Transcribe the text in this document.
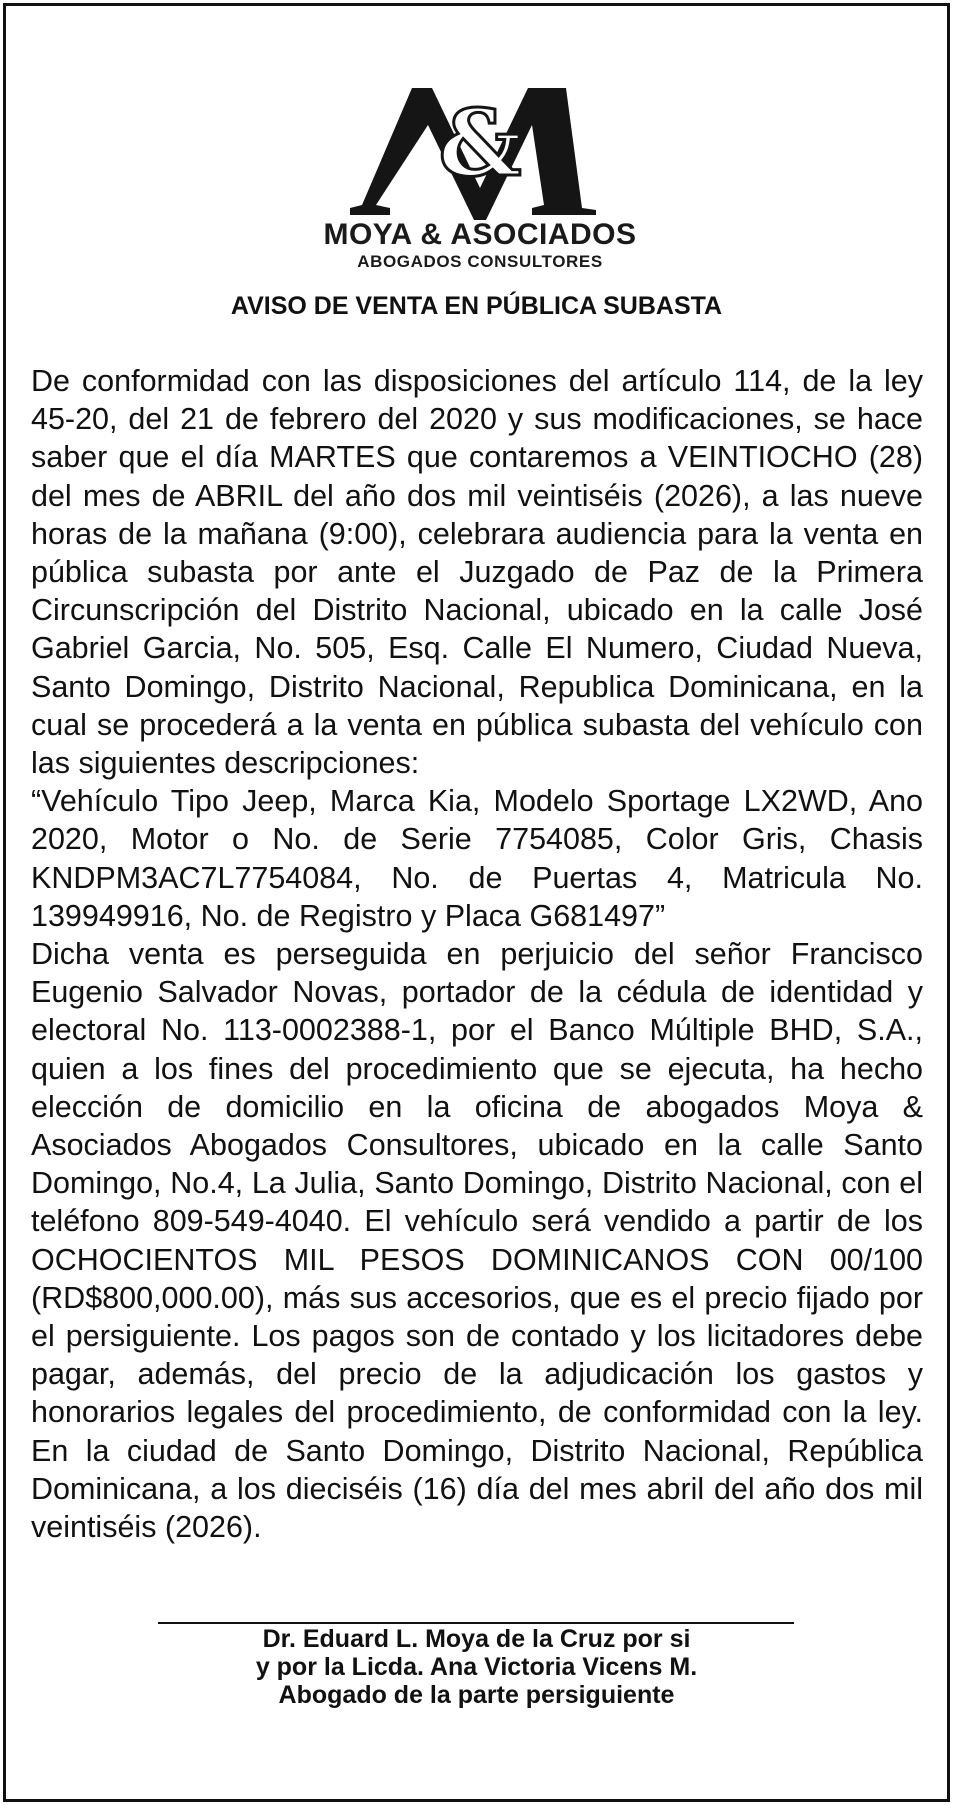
&
MOYA & ASOCIADOS
ABOGADOS CONSULTORES
AVISO DE VENTA EN PÚBLICA SUBASTA

De conformidad con las disposiciones del artículo 114, de la ley 45-20, del 21 de febrero del 2020 y sus modificaciones, se hace saber que el día MARTES que contaremos a VEINTIOCHO (28) del mes de ABRIL del año dos mil veintiséis (2026), a las nueve horas de la mañana (9:00), celebrara audiencia para la venta en pública subasta por ante el Juzgado de Paz de la Primera Circunscripción del Distrito Nacional, ubicado en la calle José Gabriel Garcia, No. 505, Esq. Calle El Numero, Ciudad Nueva, Santo Domingo, Distrito Nacional, Republica Dominicana, en la cual se procederá a la venta en pública subasta del vehículo con las siguientes descripciones:

“Vehículo Tipo Jeep, Marca Kia, Modelo Sportage LX2WD, Ano 2020, Motor o No. de Serie 7754085, Color Gris, Chasis KNDPM3AC7L7754084, No. de Puertas 4, Matricula No. 139949916, No. de Registro y Placa G681497”

Dicha venta es perseguida en perjuicio del señor Francisco Eugenio Salvador Novas, portador de la cédula de identidad y electoral No. 113-0002388-1, por el Banco Múltiple BHD, S.A., quien a los fines del procedimiento que se ejecuta, ha hecho elección de domicilio en la oficina de abogados Moya & Asociados Abogados Consultores, ubicado en la calle Santo Domingo, No.4, La Julia, Santo Domingo, Distrito Nacional, con el teléfono 809-549-4040. El vehículo será vendido a partir de los OCHOCIENTOS MIL PESOS DOMINICANOS CON 00/100 (RD$800,000.00), más sus accesorios, que es el precio fijado por el persiguiente. Los pagos son de contado y los licitadores debe pagar, además, del precio de la adjudicación los gastos y honorarios legales del procedimiento, de conformidad con la ley. En la ciudad de Santo Domingo, Distrito Nacional, República Dominicana, a los dieciséis (16) día del mes abril del año dos mil veintiséis (2026).

Dr. Eduard L. Moya de la Cruz por si
y por la Licda. Ana Victoria Vicens M.
Abogado de la parte persiguiente
